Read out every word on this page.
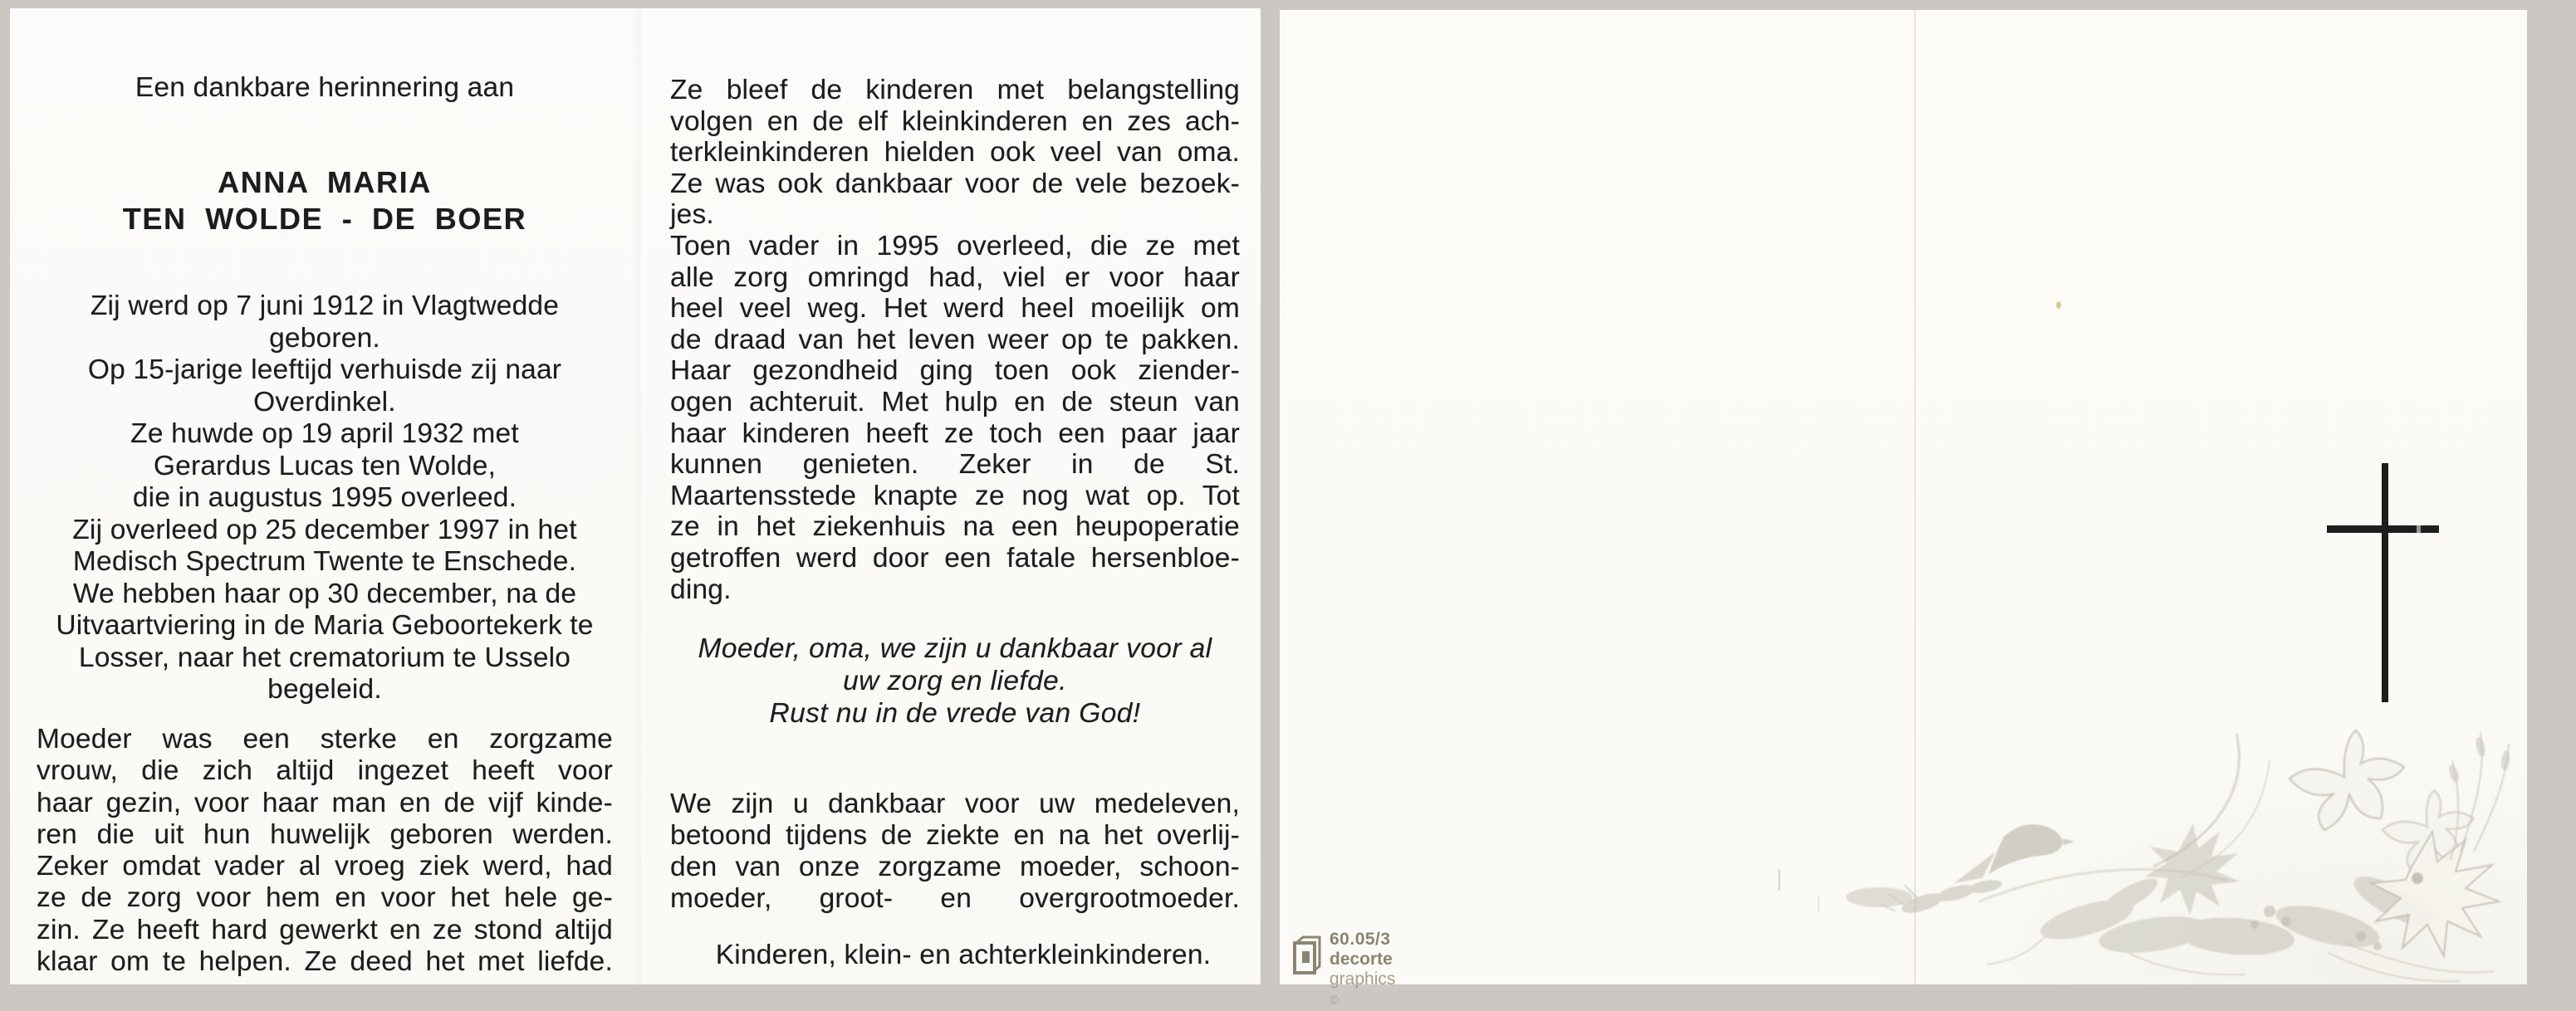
Een dankbare herinnering aan
ANNA MARIA
TEN WOLDE - DE BOER
Zij werd op 7 juni 1912 in Vlagtwedde
geboren.
Op 15-jarige leeftijd verhuisde zij naar
Overdinkel.
Ze huwde op 19 april 1932 met
Gerardus Lucas ten Wolde,
die in augustus 1995 overleed.
Zij overleed op 25 december 1997 in het
Medisch Spectrum Twente te Enschede.
We hebben haar op 30 december, na de
Uitvaartviering in de Maria Geboortekerk te
Losser, naar het crematorium te Usselo
begeleid.
Moeder was een sterke en zorgzame
vrouw, die zich altijd ingezet heeft voor
haar gezin, voor haar man en de vijf kinde-
ren die uit hun huwelijk geboren werden.
Zeker omdat vader al vroeg ziek werd, had
ze de zorg voor hem en voor het hele ge-
zin. Ze heeft hard gewerkt en ze stond altijd
klaar om te helpen. Ze deed het met liefde.
Ze bleef de kinderen met belangstelling
volgen en de elf kleinkinderen en zes ach-
terkleinkinderen hielden ook veel van oma.
Ze was ook dankbaar voor de vele bezoek-
jes.
Toen vader in 1995 overleed, die ze met
alle zorg omringd had, viel er voor haar
heel veel weg. Het werd heel moeilijk om
de draad van het leven weer op te pakken.
Haar gezondheid ging toen ook ziender-
ogen achteruit. Met hulp en de steun van
haar kinderen heeft ze toch een paar jaar
kunnen genieten. Zeker in de St.
Maartensstede knapte ze nog wat op. Tot
ze in het ziekenhuis na een heupoperatie
getroffen werd door een fatale hersenbloe-
ding.
Moeder, oma, we zijn u dankbaar voor al
uw zorg en liefde.
Rust nu in de vrede van God!
We zijn u dankbaar voor uw medeleven,
betoond tijdens de ziekte en na het overlij-
den van onze zorgzame moeder, schoon-
moeder, groot- en overgrootmoeder.
Kinderen, klein- en achterkleinkinderen.
60.05/3
decorte graphics ©
